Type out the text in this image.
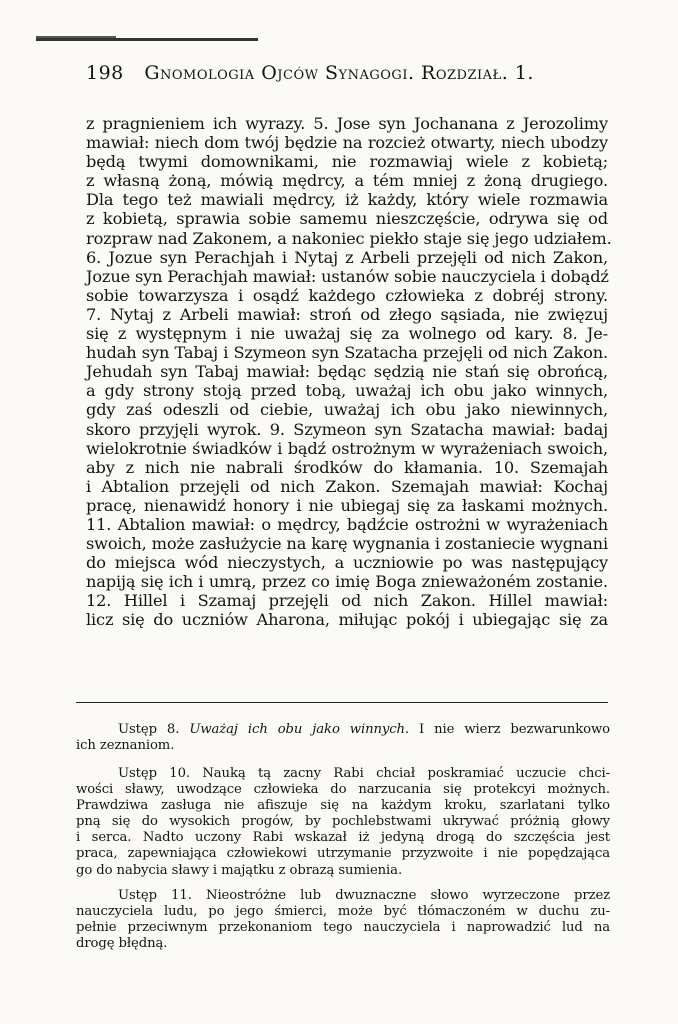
198 Gnomologia Ojców Synagogi. Rozdział. 1.
z pragnieniem ich wyrazy. 5. Jose syn Jochanana z Jerozolimy
mawiał: niech dom twój będzie na rozcież otwarty, niech ubodzy
będą twymi domownikami, nie rozmawiaj wiele z kobietą;
z własną żoną, mówią mędrcy, a tém mniej z żoną drugiego.
Dla tego też mawiali mędrcy, iż każdy, który wiele rozmawia
z kobietą, sprawia sobie samemu nieszczęście, odrywa się od
rozpraw nad Zakonem, a nakoniec piekło staje się jego udziałem.
6. Jozue syn Perachjah i Nytaj z Arbeli przejęli od nich Zakon,
Jozue syn Perachjah mawiał: ustanów sobie nauczyciela i dobądź
sobie towarzysza i osądź każdego człowieka z dobréj strony.
7. Nytaj z Arbeli mawiał: stroń od złego sąsiada, nie zwięzuj
się z występnym i nie uważaj się za wolnego od kary. 8. Je-
hudah syn Tabaj i Szymeon syn Szatacha przejęli od nich Zakon.
Jehudah syn Tabaj mawiał: będąc sędzią nie stań się obrońcą,
a gdy strony stoją przed tobą, uważaj ich obu jako winnych,
gdy zaś odeszli od ciebie, uważaj ich obu jako niewinnych,
skoro przyjęli wyrok. 9. Szymeon syn Szatacha mawiał: badaj
wielokrotnie świadków i bądź ostrożnym w wyrażeniach swoich,
aby z nich nie nabrali środków do kłamania. 10. Szemajah
i Abtalion przejęli od nich Zakon. Szemajah mawiał: Kochaj
pracę, nienawidź honory i nie ubiegaj się za łaskami możnych.
11. Abtalion mawiał: o mędrcy, bądźcie ostrożni w wyrażeniach
swoich, może zasłużycie na karę wygnania i zostaniecie wygnani
do miejsca wód nieczystych, a uczniowie po was następujący
napiją się ich i umrą, przez co imię Boga znieważoném zostanie.
12. Hillel i Szamaj przejęli od nich Zakon. Hillel mawiał:
licz się do uczniów Aharona, miłując pokój i ubiegając się za
Ustęp 8. Uważaj ich obu jako winnych. I nie wierz bezwarunkowo
ich zeznaniom.
Ustęp 10. Nauką tą zacny Rabi chciał poskramiać uczucie chci-
wości sławy, uwodzące człowieka do narzucania się protekcyi możnych.
Prawdziwa zasługa nie afiszuje się na każdym kroku, szarlatani tylko
pną się do wysokich progów, by pochlebstwami ukrywać próżnią głowy
i serca. Nadto uczony Rabi wskazał iż jedyną drogą do szczęścia jest
praca, zapewniająca człowiekowi utrzymanie przyzwoite i nie popędzająca
go do nabycia sławy i majątku z obrazą sumienia.
Ustęp 11. Nieostróżne lub dwuznaczne słowo wyrzeczone przez
nauczyciela ludu, po jego śmierci, może być tłómaczoném w duchu zu-
pełnie przeciwnym przekonaniom tego nauczyciela i naprowadzić lud na
drogę błędną.
